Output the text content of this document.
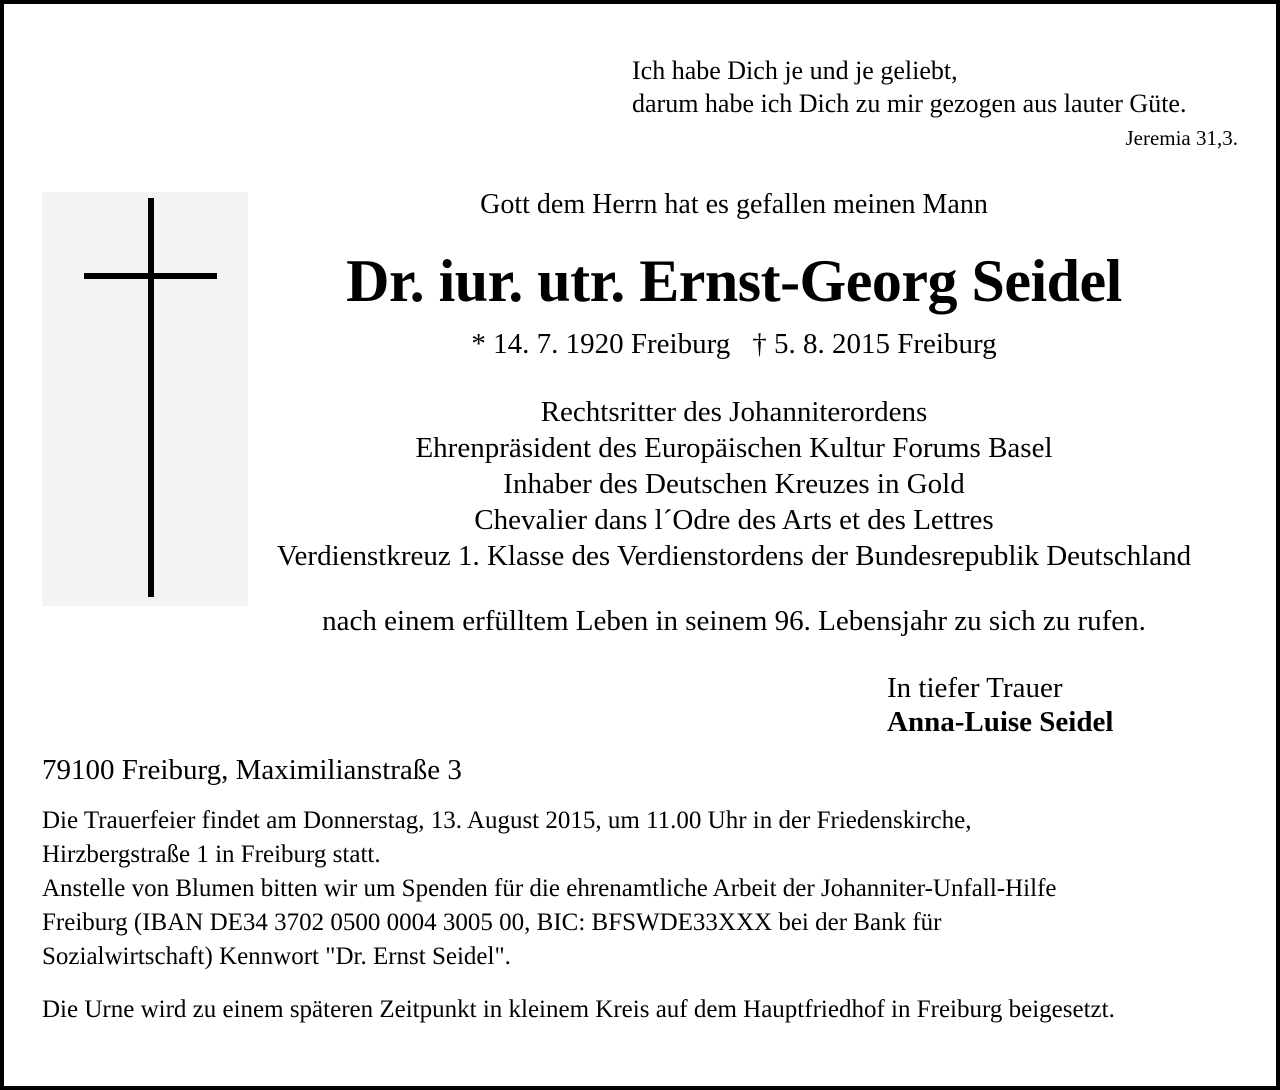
Ich habe Dich je und je geliebt,
darum habe ich Dich zu mir gezogen aus lauter Güte.
Jeremia 31,3.
Gott dem Herrn hat es gefallen meinen Mann
Dr. iur. utr. Ernst-Georg Seidel
* 14. 7. 1920 Freiburg † 5. 8. 2015 Freiburg
Rechtsritter des Johanniterordens
Ehrenpräsident des Europäischen Kultur Forums Basel
Inhaber des Deutschen Kreuzes in Gold
Chevalier dans l´Odre des Arts et des Lettres
Verdienstkreuz 1. Klasse des Verdienstordens der Bundesrepublik Deutschland
nach einem erfülltem Leben in seinem 96. Lebensjahr zu sich zu rufen.
In tiefer Trauer
Anna-Luise Seidel
79100 Freiburg, Maximilianstraße 3
Die Trauerfeier findet am Donnerstag, 13. August 2015, um 11.00 Uhr in der Friedenskirche,
Hirzbergstraße 1 in Freiburg statt.
Anstelle von Blumen bitten wir um Spenden für die ehrenamtliche Arbeit der Johanniter-Unfall-Hilfe
Freiburg (IBAN DE34 3702 0500 0004 3005 00, BIC: BFSWDE33XXX bei der Bank für
Sozialwirtschaft) Kennwort "Dr. Ernst Seidel".
Die Urne wird zu einem späteren Zeitpunkt in kleinem Kreis auf dem Hauptfriedhof in Freiburg beigesetzt.
